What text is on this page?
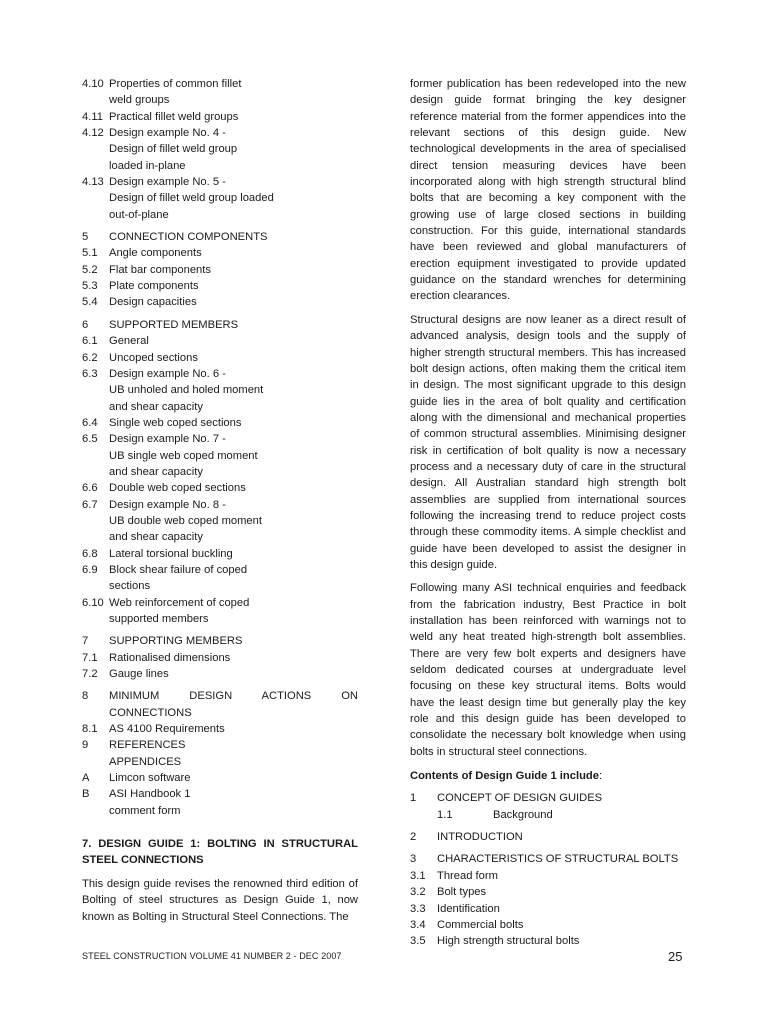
4.10 Properties of common fillet
weld groups
4.11 Practical fillet weld groups
4.12 Design example No. 4 -
Design of fillet weld group
loaded in-plane
4.13 Design example No. 5 -
Design of fillet weld group loaded
out-of-plane
5	CONNECTION COMPONENTS
5.1	Angle components
5.2	Flat bar components
5.3	Plate components
5.4	Design capacities
6	SUPPORTED MEMBERS
6.1	General
6.2	Uncoped sections
6.3	Design example No. 6 -
UB unholed and holed moment
and shear capacity
6.4	Single web coped sections
6.5	Design example No. 7 -
UB single web coped moment
and shear capacity
6.6	Double web coped sections
6.7	Design example No. 8 -
UB double web coped moment
and shear capacity
6.8	Lateral torsional buckling
6.9	Block shear failure of coped
sections
6.10 Web reinforcement of coped
supported members
7	SUPPORTING MEMBERS
7.1	Rationalised dimensions
7.2	Gauge lines
8	MINIMUM DESIGN ACTIONS ON
CONNECTIONS
8.1	AS 4100 Requirements
9	REFERENCES
APPENDICES
A	Limcon software
B	ASI Handbook 1
comment form
7. DESIGN GUIDE 1: BOLTING IN STRUCTURAL STEEL CONNECTIONS
This design guide revises the renowned third edition of Bolting of steel structures as Design Guide 1, now known as Bolting in Structural Steel Connections. The
former publication has been redeveloped into the new design guide format bringing the key designer reference material from the former appendices into the relevant sections of this design guide. New technological developments in the area of specialised direct tension measuring devices have been incorporated along with high strength structural blind bolts that are becoming a key component with the growing use of large closed sections in building construction. For this guide, international standards have been reviewed and global manufacturers of erection equipment investigated to provide updated guidance on the standard wrenches for determining erection clearances.
Structural designs are now leaner as a direct result of advanced analysis, design tools and the supply of higher strength structural members. This has increased bolt design actions, often making them the critical item in design. The most significant upgrade to this design guide lies in the area of bolt quality and certification along with the dimensional and mechanical properties of common structural assemblies. Minimising designer risk in certification of bolt quality is now a necessary process and a necessary duty of care in the structural design. All Australian standard high strength bolt assemblies are supplied from international sources following the increasing trend to reduce project costs through these commodity items. A simple checklist and guide have been developed to assist the designer in this design guide.
Following many ASI technical enquiries and feedback from the fabrication industry, Best Practice in bolt installation has been reinforced with warnings not to weld any heat treated high-strength bolt assemblies. There are very few bolt experts and designers have seldom dedicated courses at undergraduate level focusing on these key structural items. Bolts would have the least design time but generally play the key role and this design guide has been developed to consolidate the necessary bolt knowledge when using bolts in structural steel connections.
Contents of Design Guide 1 include:
1	CONCEPT OF DESIGN GUIDES
1.1	Background
2	INTRODUCTION
3	CHARACTERISTICS OF STRUCTURAL BOLTS
3.1	Thread form
3.2	Bolt types
3.3	Identification
3.4	Commercial bolts
3.5	High strength structural bolts
STEEL CONSTRUCTION VOLUME 41 NUMBER 2 - DEC 2007	25
